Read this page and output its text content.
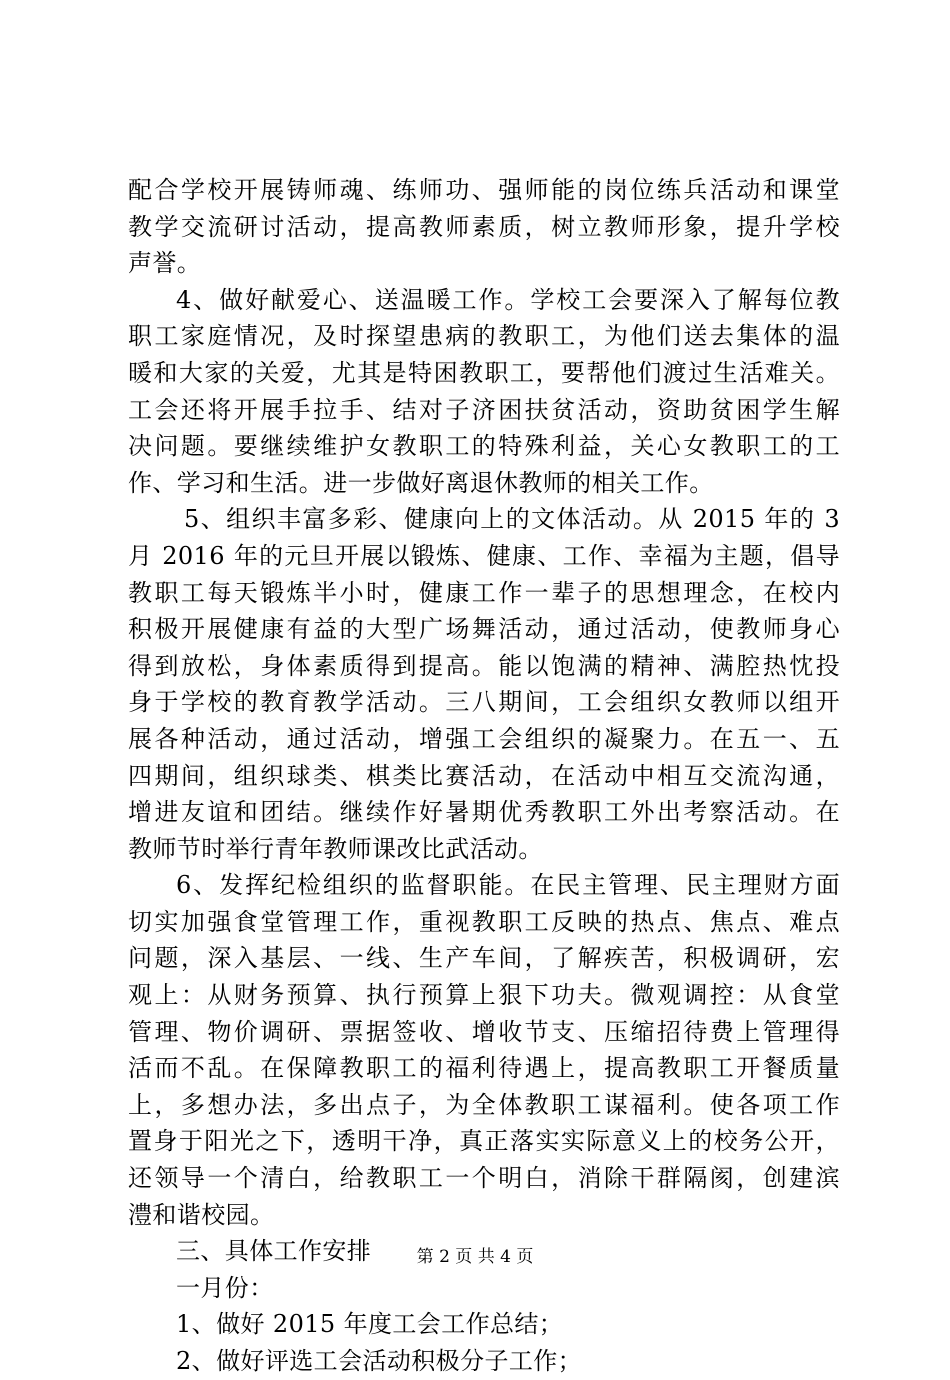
配合学校开展铸师魂、练师功、强师能的岗位练兵活动和课堂
教学交流研讨活动，提高教师素质，树立教师形象，提升学校
声誉。
4、做好献爱心、送温暖工作。学校工会要深入了解每位教
职工家庭情况，及时探望患病的教职工，为他们送去集体的温
暖和大家的关爱，尤其是特困教职工，要帮他们渡过生活难关。
工会还将开展手拉手、结对子济困扶贫活动，资助贫困学生解
决问题。要继续维护女教职工的特殊利益，关心女教职工的工
作、学习和生活。进一步做好离退休教师的相关工作。
5、组织丰富多彩、健康向上的文体活动。从 2015 年的 3
月 2016 年的元旦开展以锻炼、健康、工作、幸福为主题，倡导
教职工每天锻炼半小时，健康工作一辈子的思想理念，在校内
积极开展健康有益的大型广场舞活动，通过活动，使教师身心
得到放松，身体素质得到提高。能以饱满的精神、满腔热忱投
身于学校的教育教学活动。三八期间，工会组织女教师以组开
展各种活动，通过活动，增强工会组织的凝聚力。在五一、五
四期间，组织球类、棋类比赛活动，在活动中相互交流沟通，
增进友谊和团结。继续作好暑期优秀教职工外出考察活动。在
教师节时举行青年教师课改比武活动。
6、发挥纪检组织的监督职能。在民主管理、民主理财方面
切实加强食堂管理工作，重视教职工反映的热点、焦点、难点
问题，深入基层、一线、生产车间，了解疾苦，积极调研，宏
观上：从财务预算、执行预算上狠下功夫。微观调控：从食堂
管理、物价调研、票据签收、增收节支、压缩招待费上管理得
活而不乱。在保障教职工的福利待遇上，提高教职工开餐质量
上，多想办法，多出点子，为全体教职工谋福利。使各项工作
置身于阳光之下，透明干净，真正落实实际意义上的校务公开，
还领导一个清白，给教职工一个明白，消除干群隔阂，创建滨
澧和谐校园。
三、具体工作安排
一月份：
1、做好 2015 年度工会工作总结；
2、做好评选工会活动积极分子工作；
第 2 页 共 4 页
